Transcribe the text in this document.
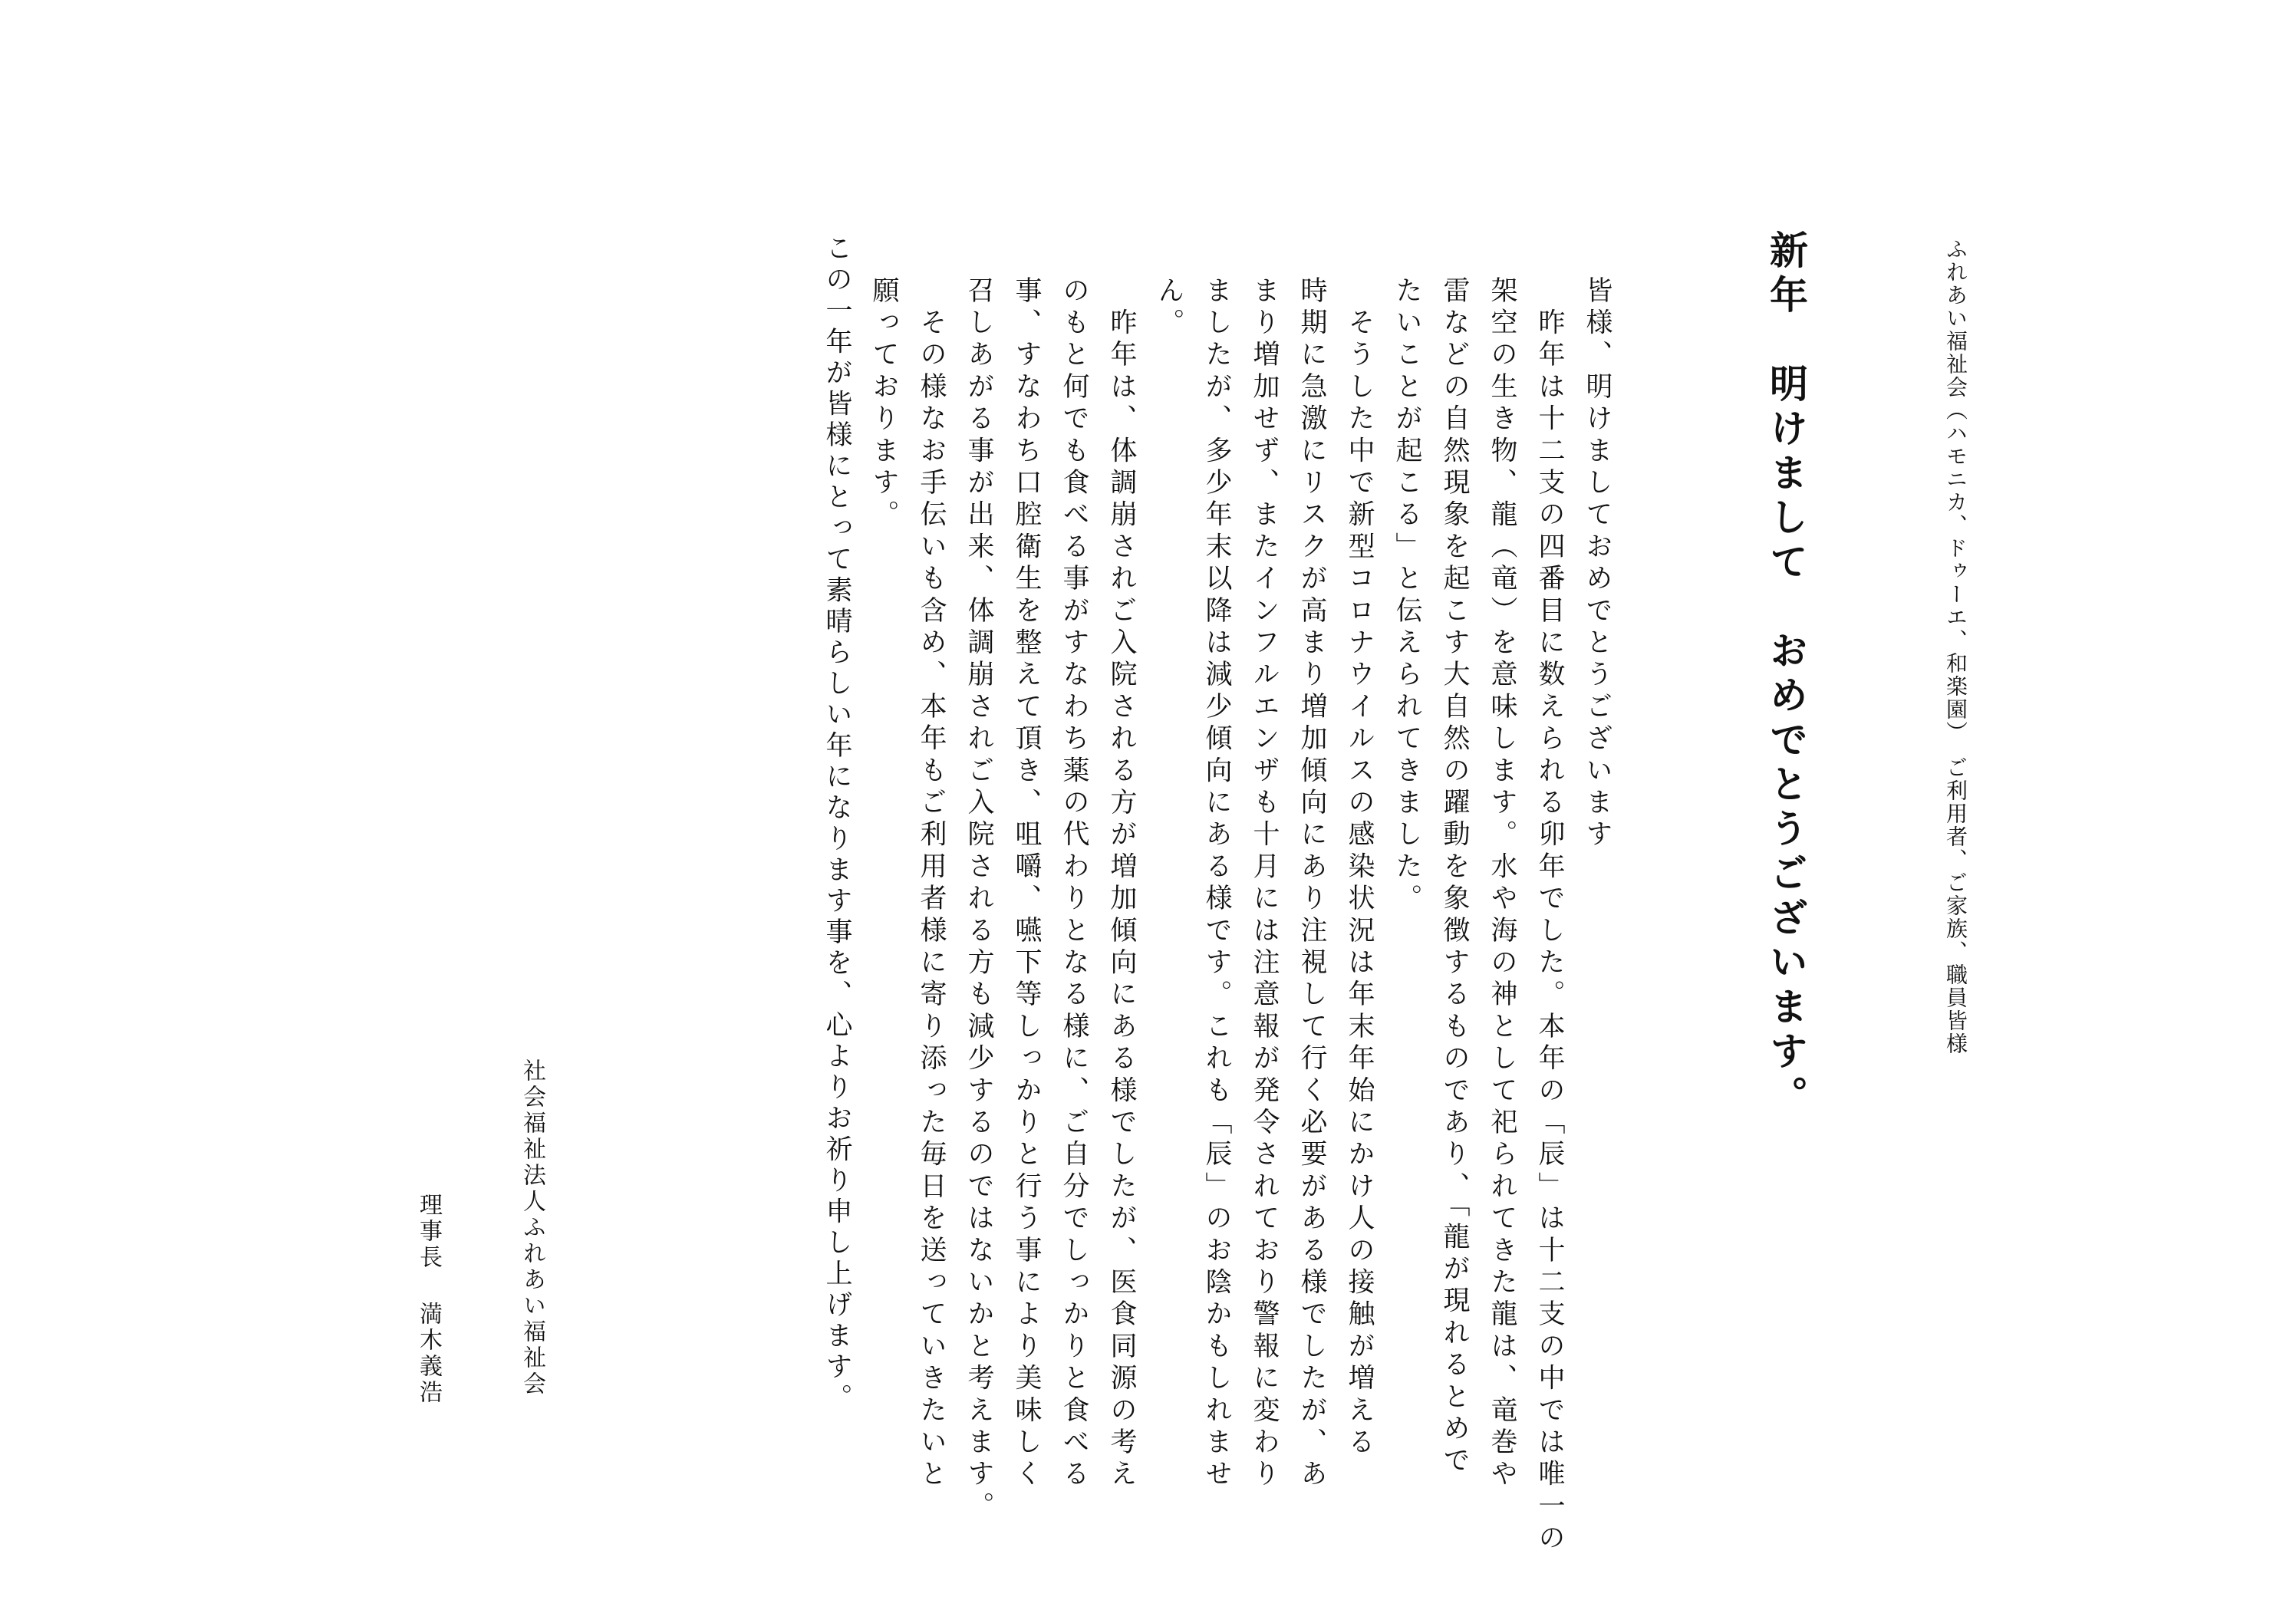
ふれあい福祉会（ハモニカ、ドゥーエ、和楽園）　ご利用者、ご家族、職員皆様

新年　明けまして　おめでとうございます。
皆様、明けましておめでとうございます
　昨年は十二支の四番目に数えられる卯年でした。本年の「辰」は十二支の中では唯一の
架空の生き物、龍（竜）を意味します。水や海の神として祀られてきた龍は、竜巻や
雷などの自然現象を起こす大自然の躍動を象徴するものであり、「龍が現れるとめで
たいことが起こる」と伝えられてきました。
　そうした中で新型コロナウイルスの感染状況は年末年始にかけ人の接触が増える
時期に急激にリスクが高まり増加傾向にあり注視して行く必要がある様でしたが、あ
まり増加せず、またインフルエンザも十月には注意報が発令されており警報に変わり
ましたが、多少年末以降は減少傾向にある様です。これも「辰」のお陰かもしれませ
ん。
　昨年は、体調崩されご入院される方が増加傾向にある様でしたが、医食同源の考え
のもと何でも食べる事がすなわち薬の代わりとなる様に、ご自分でしっかりと食べる
事、すなわち口腔衛生を整えて頂き、咀嚼、嚥下等しっかりと行う事により美味しく
召しあがる事が出来、体調崩されご入院される方も減少するのではないかと考えます。
　その様なお手伝いも含め、本年もご利用者様に寄り添った毎日を送っていきたいと
願っております。

この一年が皆様にとって素晴らしい年になります事を、心よりお祈り申し上げます。

社会福祉法人ふれあい福祉会

理事長満木義浩
